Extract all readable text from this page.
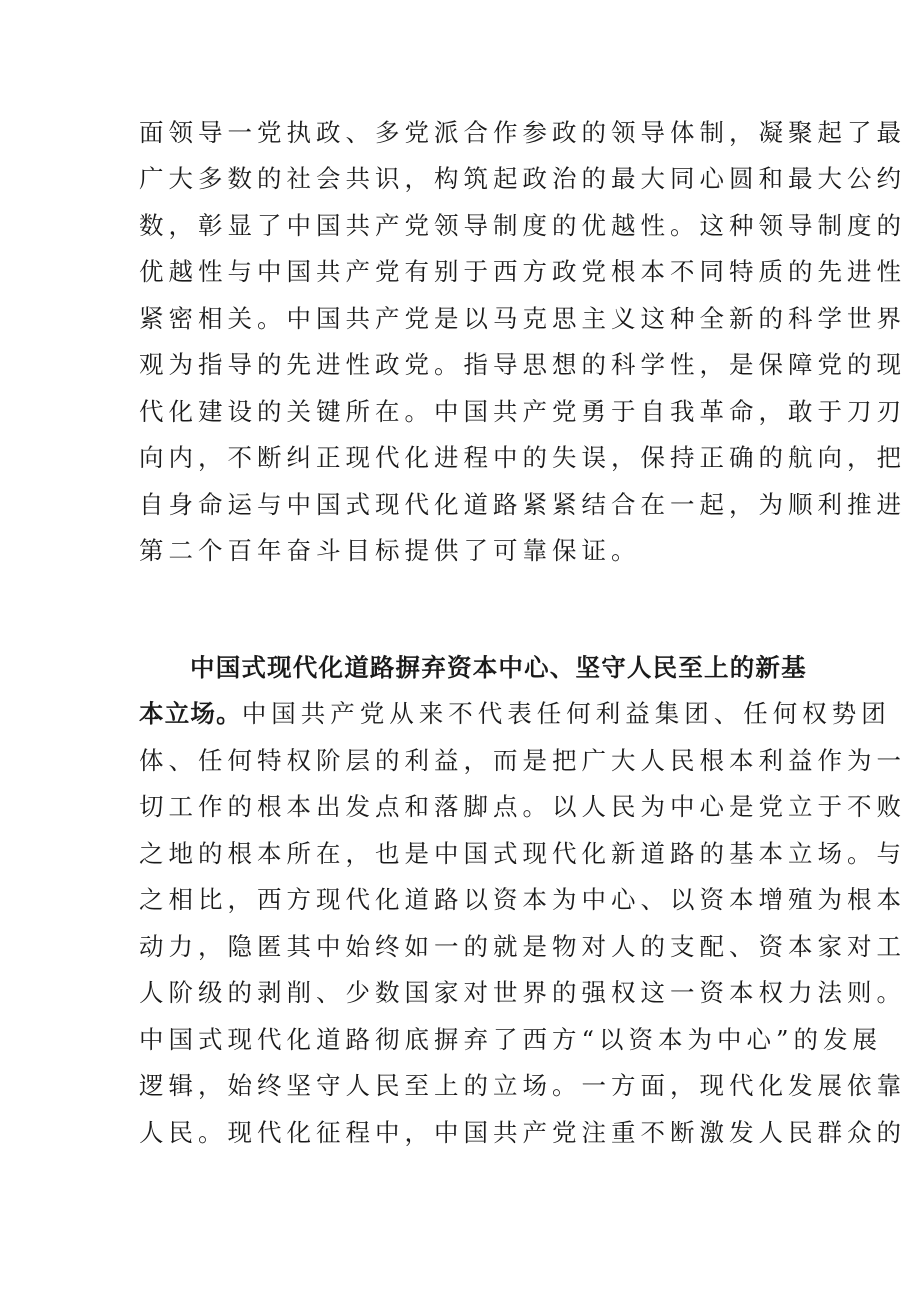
面领导一党执政、多党派合作参政的领导体制，凝聚起了最
广大多数的社会共识，构筑起政治的最大同心圆和最大公约
数，彰显了中国共产党领导制度的优越性。这种领导制度的
优越性与中国共产党有别于西方政党根本不同特质的先进性
紧密相关。中国共产党是以马克思主义这种全新的科学世界
观为指导的先进性政党。指导思想的科学性，是保障党的现
代化建设的关键所在。中国共产党勇于自我革命，敢于刀刃
向内，不断纠正现代化进程中的失误，保持正确的航向，把
自身命运与中国式现代化道路紧紧结合在一起，为顺利推进
第二个百年奋斗目标提供了可靠保证。
中国式现代化道路摒弃资本中心、坚守人民至上的新基
本立场。中国共产党从来不代表任何利益集团、任何权势团
体、任何特权阶层的利益，而是把广大人民根本利益作为一
切工作的根本出发点和落脚点。以人民为中心是党立于不败
之地的根本所在，也是中国式现代化新道路的基本立场。与
之相比，西方现代化道路以资本为中心、以资本增殖为根本
动力，隐匿其中始终如一的就是物对人的支配、资本家对工
人阶级的剥削、少数国家对世界的强权这一资本权力法则。
中国式现代化道路彻底摒弃了西方“以资本为中心”的发展
逻辑，始终坚守人民至上的立场。一方面，现代化发展依靠
人民。现代化征程中，中国共产党注重不断激发人民群众的
